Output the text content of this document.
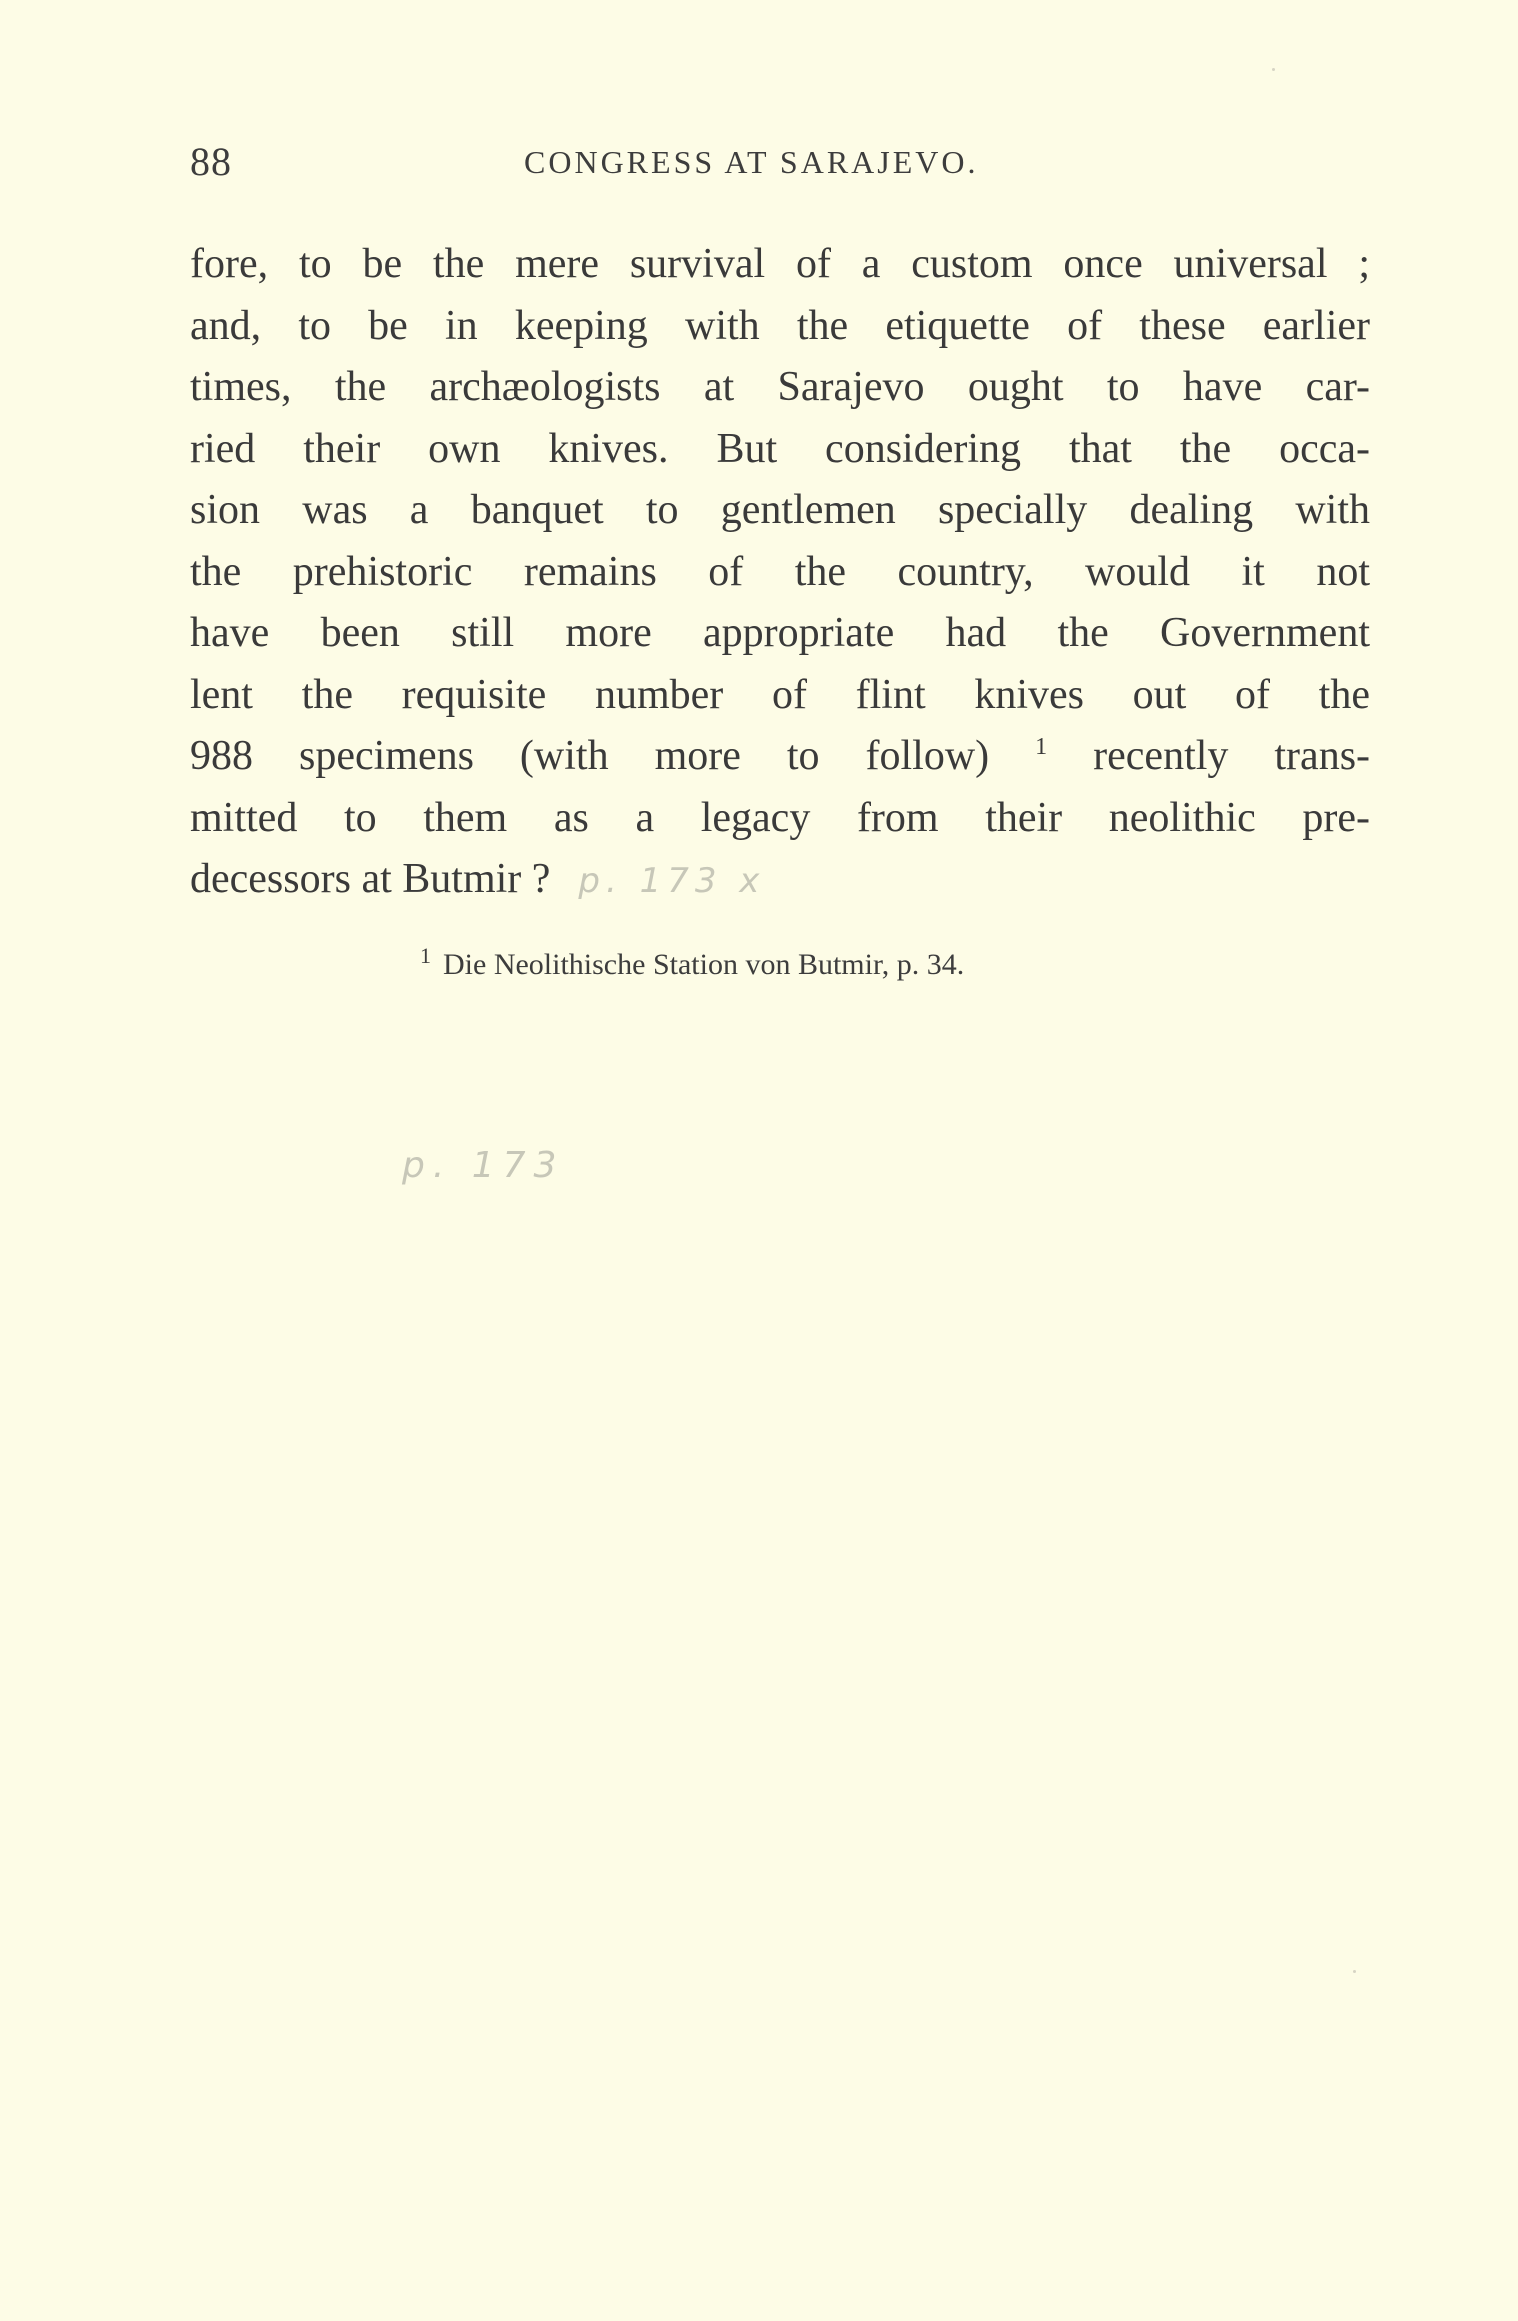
88	CONGRESS AT SARAJEVO.
fore, to be the mere survival of a custom once universal ;
and, to be in keeping with the etiquette of these earlier
times, the archæologists at Sarajevo ought to have car-
ried their own knives. But considering that the occa-
sion was a banquet to gentlemen specially dealing with
the prehistoric remains of the country, would it not
have been still more appropriate had the Government
lent the requisite number of flint knives out of the
988 specimens (with more to follow) $^1$ recently trans-
mitted to them as a legacy from their neolithic pre-
decessors at Butmir ? p. 173 x
$^1$ Die Neolithische Station von Butmir, p. 34.
p. 173
